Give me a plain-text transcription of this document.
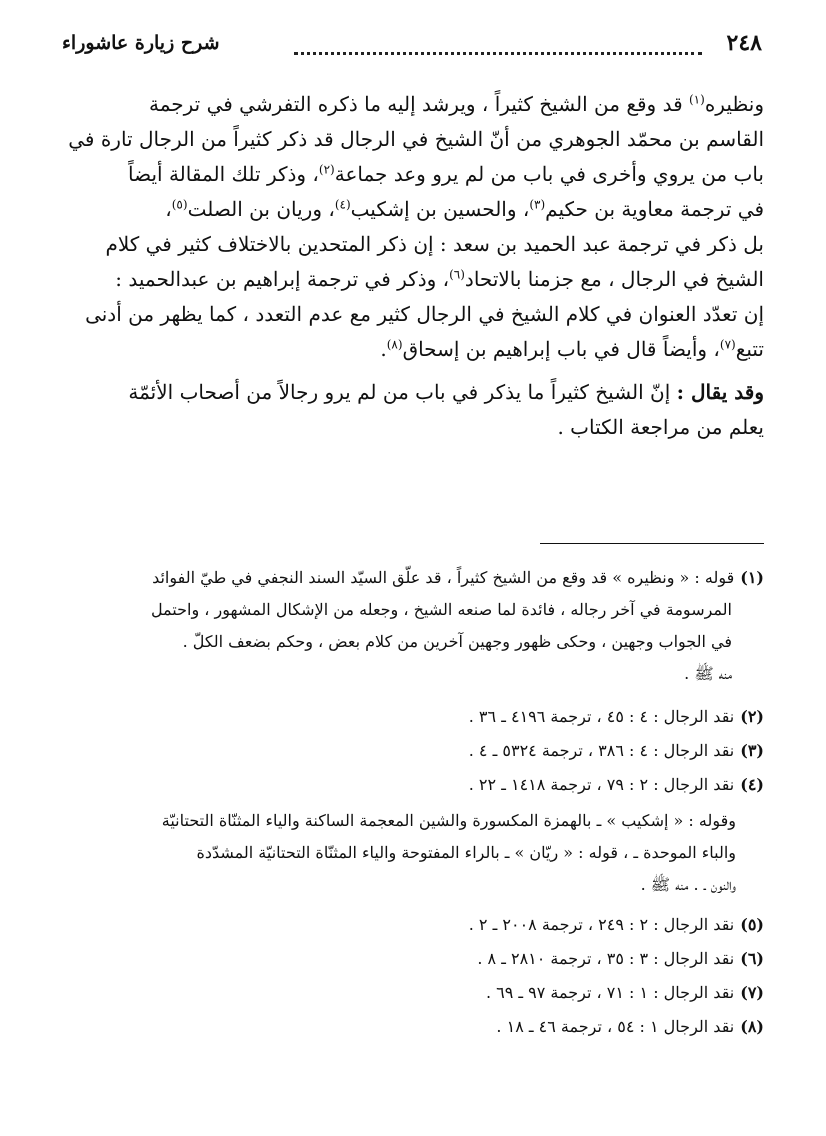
٢٤٨
شرح زيارة عاشوراء
ونظيره$^{(١)}$ قد وقع من الشيخ كثيراً ، ويرشد إليه ما ذكره التفرشي في ترجمة
القاسم بن محمّد الجوهري من أنّ الشيخ في الرجال قد ذكر كثيراً من الرجال تارة في
باب من يروي وأخرى في باب من لم يرو وعد جماعة$^{(٢)}$، وذكر تلك المقالة أيضاً
في ترجمة معاوية بن حكيم$^{(٣)}$، والحسين بن إشكيب$^{(٤)}$، وريان بن الصلت$^{(٥)}$،
بل ذكر في ترجمة عبد الحميد بن سعد : إن ذكر المتحدين بالاختلاف كثير في كلام
الشيخ في الرجال ، مع جزمنا بالاتحاد$^{(٦)}$، وذكر في ترجمة إبراهيم بن عبدالحميد :
إن تعدّد العنوان في كلام الشيخ في الرجال كثير مع عدم التعدد ، كما يظهر من أدنى
تتبع$^{(٧)}$، وأيضاً قال في باب إبراهيم بن إسحاق$^{(٨)}$.
وقد يقال : إنّ الشيخ كثيراً ما يذكر في باب من لم يرو رجالاً من أصحاب الأئمّة
يعلم من مراجعة الكتاب .
(١)قوله : « ونظيره » قد وقع من الشيخ كثيراً ، قد علّق السيّد السند النجفي في طيّ الفوائد
المرسومة في آخر رجاله ، فائدة لما صنعه الشيخ ، وجعله من الإشكال المشهور ، واحتمل
في الجواب وجهين ، وحكى ظهور وجهين آخرين من كلام بعض ، وحكم بضعف الكلّ .
منه ﷺ .
(٢)نقد الرجال : ٤ : ٤٥ ، ترجمة ٤١٩٦ ـ ٣٦ .
(٣)نقد الرجال : ٤ : ٣٨٦ ، ترجمة ٥٣٢٤ ـ ٤ .
(٤)نقد الرجال : ٢ : ٧٩ ، ترجمة ١٤١٨ ـ ٢٢ .
وقوله : « إشكيب » ـ بالهمزة المكسورة والشين المعجمة الساكنة والياء المثنّاة التحتانيّة
والباء الموحدة ـ ، قوله : « ريّان » ـ بالراء المفتوحة والياء المثنّاة التحتانيّة المشدّدة
والنون ـ . منه ﷺ .
(٥)نقد الرجال : ٢ : ٢٤٩ ، ترجمة ٢٠٠٨ ـ ٢ .
(٦)نقد الرجال : ٣ : ٣٥ ، ترجمة ٢٨١٠ ـ ٨ .
(٧)نقد الرجال : ١ : ٧١ ، ترجمة ٩٧ ـ ٦٩ .
(٨)نقد الرجال ١ : ٥٤ ، ترجمة ٤٦ ـ ١٨ .
